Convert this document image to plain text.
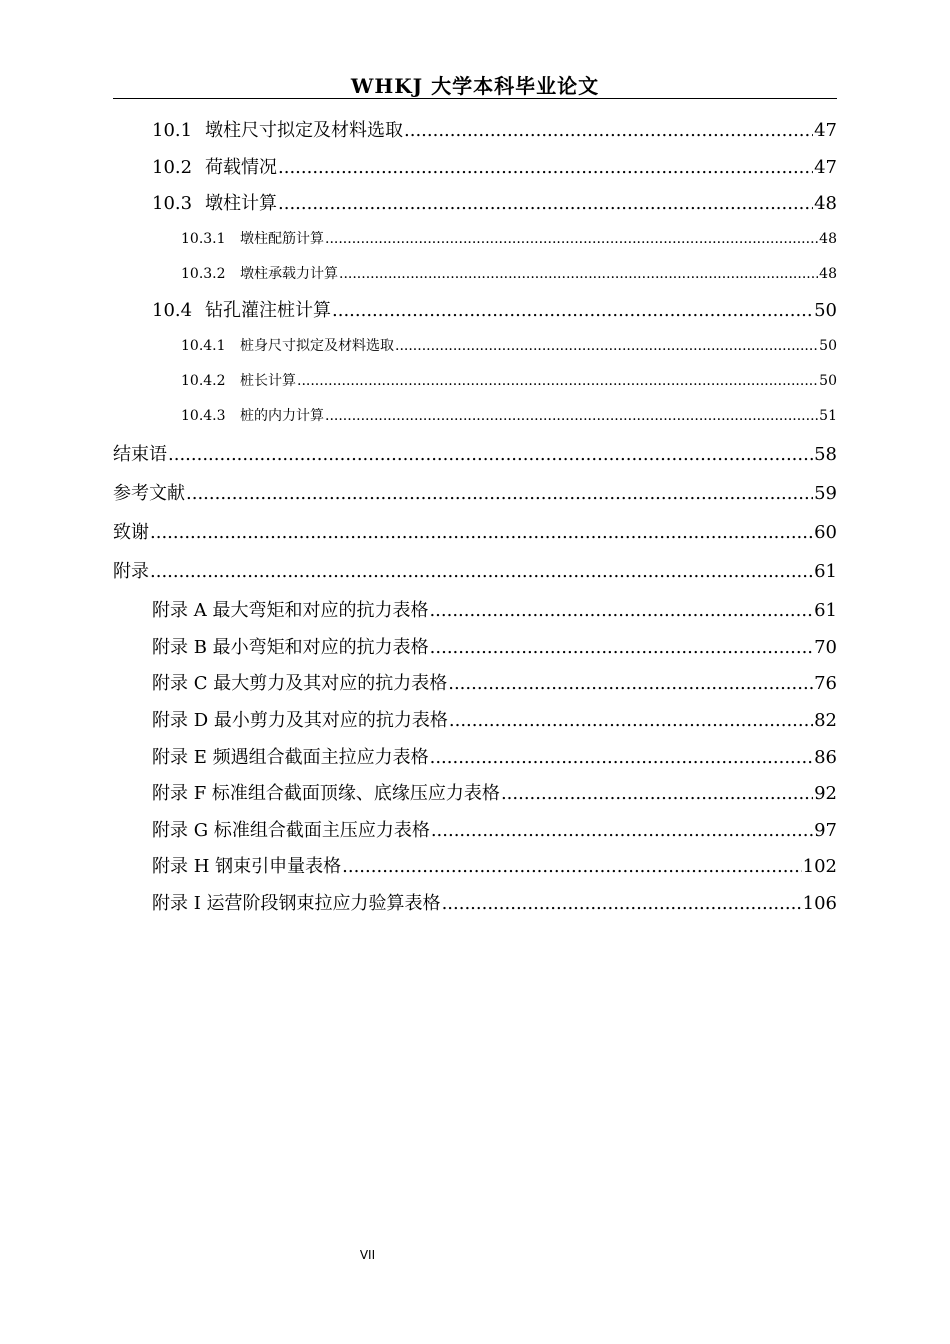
WHKJ 大学本科毕业论文
10.1 墩柱尺寸拟定及材料选取 .....	47
10.2 荷载情况 .....	47
10.3 墩柱计算 .....	48
10.3.1	墩柱配筋计算 .....	48
10.3.2	墩柱承载力计算 .....	48
10.4 钻孔灌注桩计算 .....	50
10.4.1	桩身尺寸拟定及材料选取 .....	50
10.4.2	桩长计算 .....	50
10.4.3	桩的内力计算 .....	51
结束语 .....	58
参考文献 .....	59
致谢 .....	60
附录 .....	61
附录 A 最大弯矩和对应的抗力表格 .....	61
附录 B 最小弯矩和对应的抗力表格 .....	70
附录 C 最大剪力及其对应的抗力表格 .....	76
附录 D 最小剪力及其对应的抗力表格 .....	82
附录 E 频遇组合截面主拉应力表格 .....	86
附录 F 标准组合截面顶缘、底缘压应力表格 .....	92
附录 G 标准组合截面主压应力表格 .....	97
附录 H 钢束引申量表格 .....	102
附录 I 运营阶段钢束拉应力验算表格 .....	106
VII
